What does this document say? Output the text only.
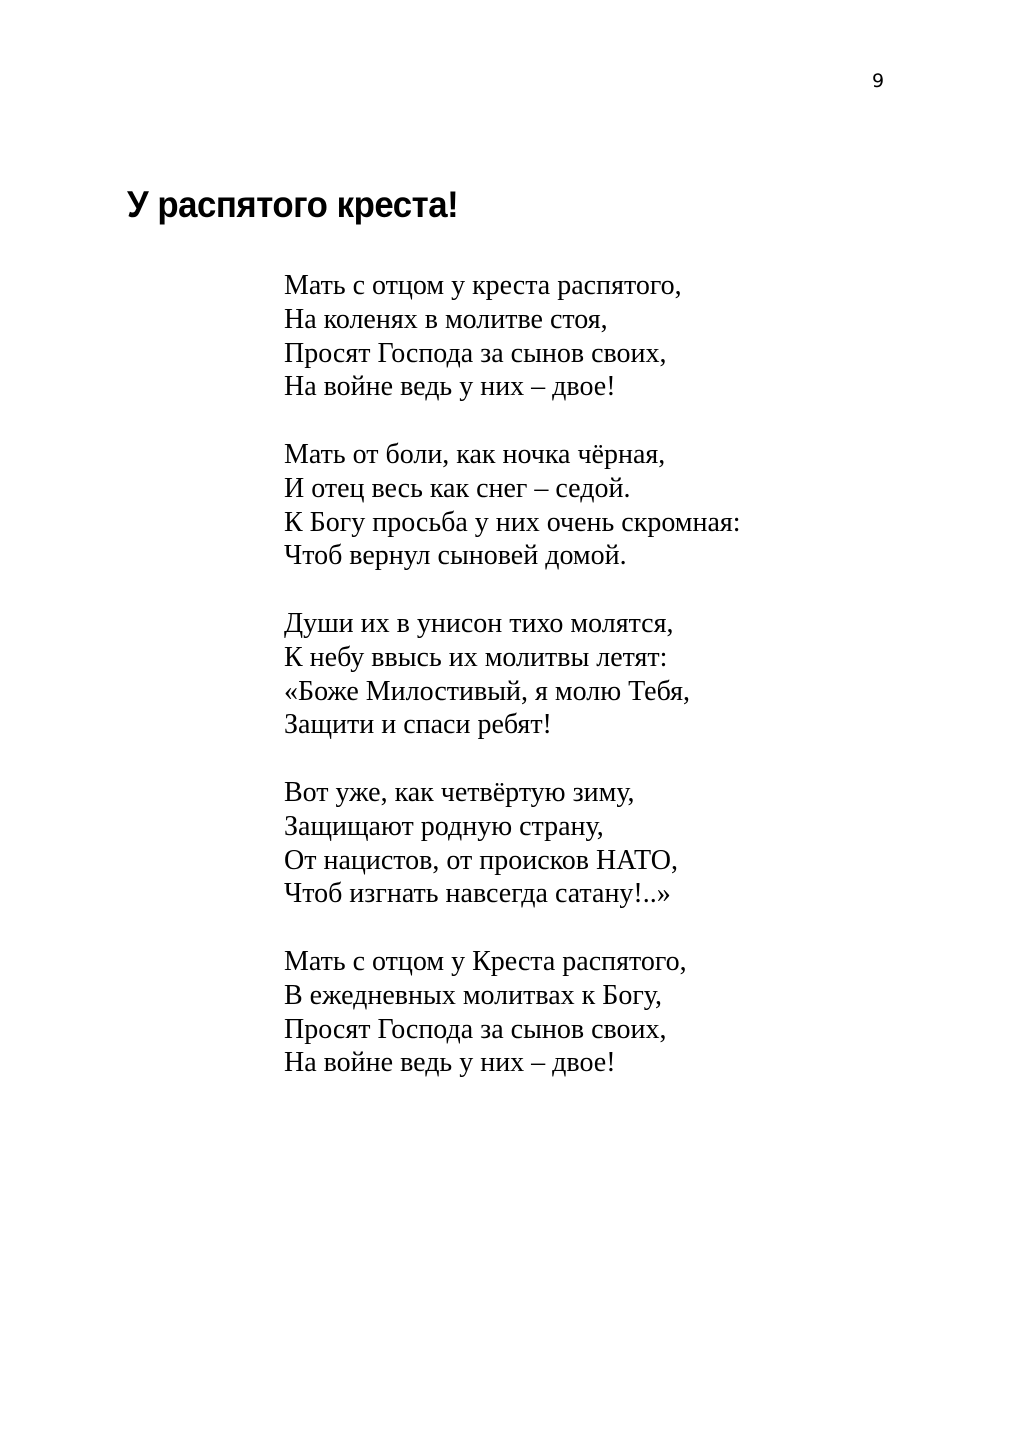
9
У распятого креста!
Мать с отцом у креста распятого,
На коленях в молитве стоя,
Просят Господа за сынов своих,
На войне ведь у них – двое!
Мать от боли, как ночка чёрная,
И отец весь как снег – седой.
К Богу просьба у них очень скромная:
Чтоб вернул сыновей домой.
Души их в унисон тихо молятся,
К небу ввысь их молитвы летят:
«Боже Милостивый, я молю Тебя,
Защити и спаси ребят!
Вот уже, как четвёртую зиму,
Защищают родную страну,
От нацистов, от происков НАТО,
Чтоб изгнать навсегда сатану!..»
Мать с отцом у Креста распятого,
В ежедневных молитвах к Богу,
Просят Господа за сынов своих,
На войне ведь у них – двое!
